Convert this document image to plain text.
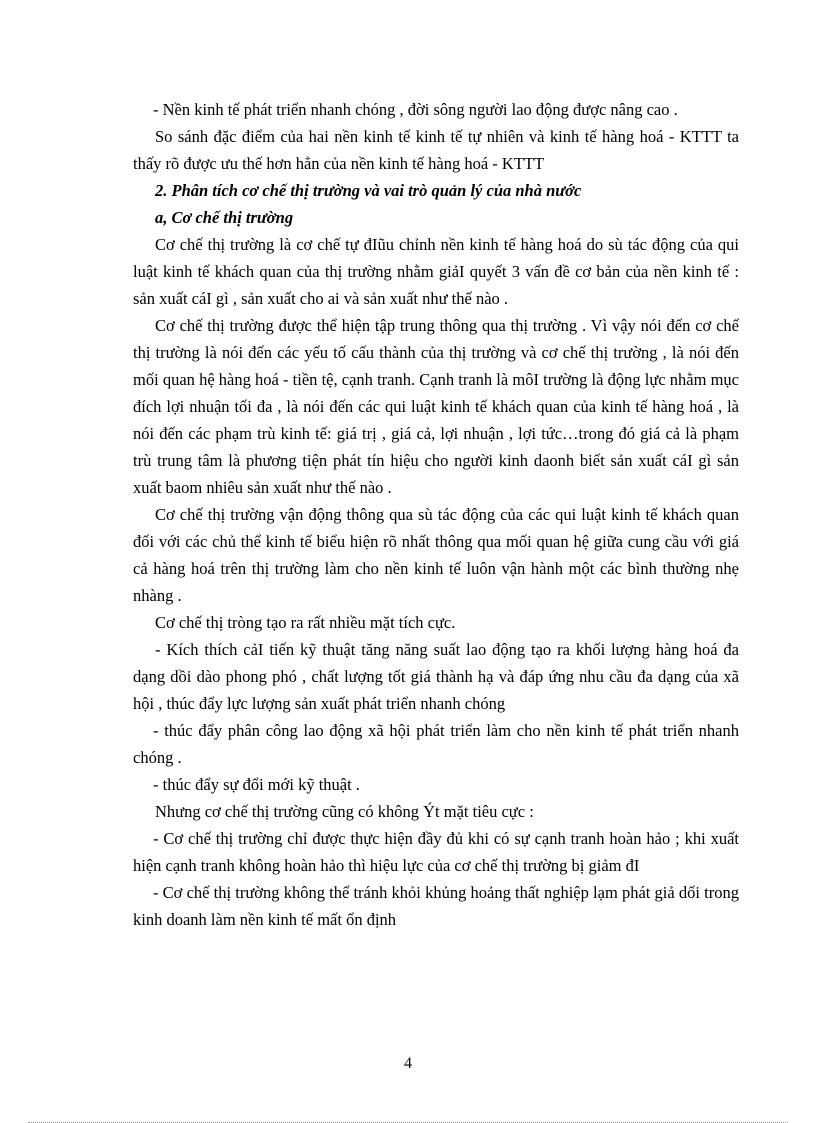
- Nền kinh tế phát triển nhanh chóng , đời sông người lao động được nâng cao .

So sánh đặc điểm của hai nền kinh tế kinh tế tự nhiên và kinh tế hàng hoá - KTTT ta thấy rõ được ưu thế hơn hẳn của nền kinh tế hàng hoá - KTTT

2. Phân tích cơ chế thị trường và vai trò quản lý của nhà nước

a, Cơ chế thị trường

Cơ chế thị trường là cơ chế tự đIũu chỉnh nền kinh tế hàng hoá do sù tác động của qui luật kinh tế khách quan của thị trường nhằm giảI quyết 3 vấn đề cơ bản của nền kinh tế : sản xuất cáI gì , sản xuất cho ai và sản xuất như thế nào .

Cơ chế thị trường được thể hiện tập trung thông qua thị trường . Vì vậy nói đến cơ chế thị trường là nói đến các yếu tố cấu thành của thị trường và cơ chế thị trường , là nói đến mối quan hệ hàng hoá - tiền tệ, cạnh tranh. Cạnh tranh là môI trường là động lực nhằm mục đích lợi nhuận tối đa , là nói đến các qui luật kinh tế khách quan của kinh tế hàng hoá , là nói đến các phạm trù kinh tế: giá trị , giá cả, lợi nhuận , lợi tức…trong đó giá cả là phạm trù trung tâm là phương tiện phát tín hiệu cho người kinh daonh biết sản xuất cáI gì sản xuất baom nhiêu sản xuất như thế nào .

Cơ chế thị trường vận động thông qua sù tác động của các qui luật kinh tế khách quan đối với các chủ thể kinh tế biểu hiện rõ nhất thông qua mối quan hệ giữa cung cầu với giá cả hàng hoá trên thị trường làm cho nền kinh tế luôn vận hành một các bình thường nhẹ nhàng .

Cơ chế thị tròng tạo ra rất nhiều mặt tích cực.

- Kích thích cảI tiến kỹ thuật tăng năng suất lao động tạo ra khối lượng hàng hoá đa dạng dồi dào phong phó , chất lượng tốt giá thành hạ và đáp ứng nhu cầu đa dạng của xã hội , thúc đẩy lực lượng sản xuất phát triển nhanh chóng

- thúc đẩy phân công lao động xã hội phát triển làm cho nền kinh tế phát triển nhanh chóng .

- thúc đẩy sự đổi mới kỹ thuật .

Nhưng cơ chế thị trường cũng có không Ýt mặt tiêu cực :

- Cơ chế thị trường chỉ được thực hiện đầy đủ khi có sự cạnh tranh hoàn hảo ; khi xuất hiện cạnh tranh không hoàn hảo thì hiệu lực của cơ chế thị trường bị giảm đI

- Cơ chế thị trường không thể tránh khỏi khủng hoảng thất nghiệp lạm phát giả dối trong kinh doanh làm nền kinh tế mất ổn định

4
